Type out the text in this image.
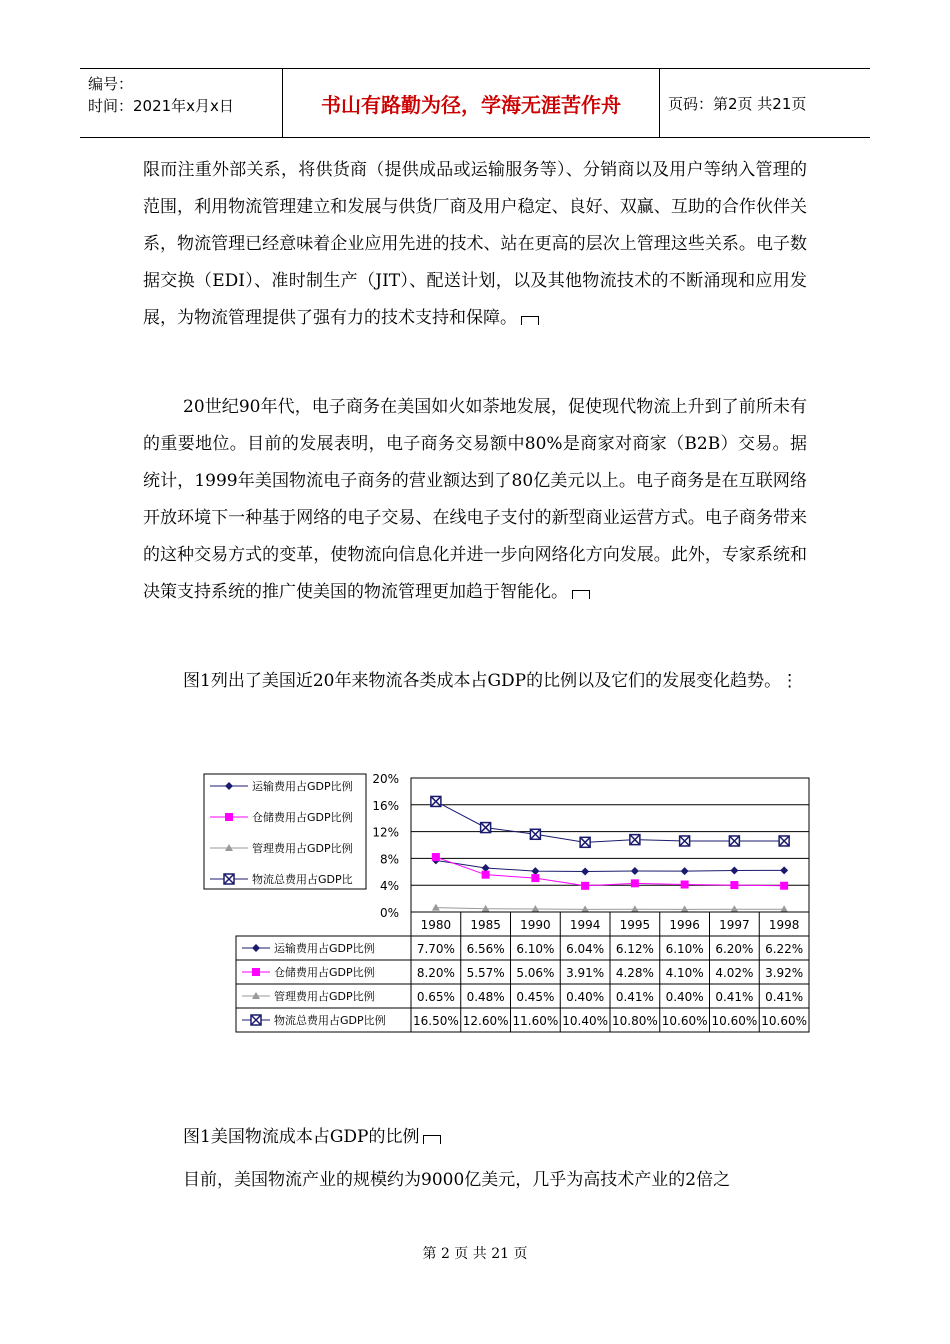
编号：
时间：2021年x月x日	书山有路勤为径，学海无涯苦作舟	页码：第2页 共21页

限而注重外部关系，将供货商（提供成品或运输服务等）、分销商以及用户等纳入管理的范围，利用物流管理建立和发展与供货厂商及用户稳定、良好、双赢、互助的合作伙伴关系，物流管理已经意味着企业应用先进的技术、站在更高的层次上管理这些关系。电子数据交换（EDI）、准时制生产（JIT）、配送计划，以及其他物流技术的不断涌现和应用发展，为物流管理提供了强有力的技术支持和保障。

20世纪90年代，电子商务在美国如火如荼地发展，促使现代物流上升到了前所未有的重要地位。目前的发展表明，电子商务交易额中80%是商家对商家（B2B）交易。据统计，1999年美国物流电子商务的营业额达到了80亿美元以上。电子商务是在互联网络开放环境下一种基于网络的电子交易、在线电子支付的新型商业运营方式。电子商务带来的这种交易方式的变革，使物流向信息化并进一步向网络化方向发展。此外，专家系统和决策支持系统的推广使美国的物流管理更加趋于智能化。

图1列出了美国近20年来物流各类成本占GDP的比例以及它们的发展变化趋势。⋮

20%
16%
12%
8%
4%
0%
运输费用占GDP比例
仓储费用占GDP比例
管理费用占GDP比例
物流总费用占GDP比
1980 1985 1990 1994 1995 1996 1997 1998
运输费用占GDP比例	7.70% 6.56% 6.10% 6.04% 6.12% 6.10% 6.20% 6.22%
仓储费用占GDP比例	8.20% 5.57% 5.06% 3.91% 4.28% 4.10% 4.02% 3.92%
管理费用占GDP比例	0.65% 0.48% 0.45% 0.40% 0.41% 0.40% 0.41% 0.41%
物流总费用占GDP比例 16.50% 12.60% 11.60% 10.40% 10.80% 10.60% 10.60% 10.60%
图1美国物流成本占GDP的比例
目前，美国物流产业的规模约为9000亿美元，几乎为高技术产业的2倍之
第 2 页 共 21 页
